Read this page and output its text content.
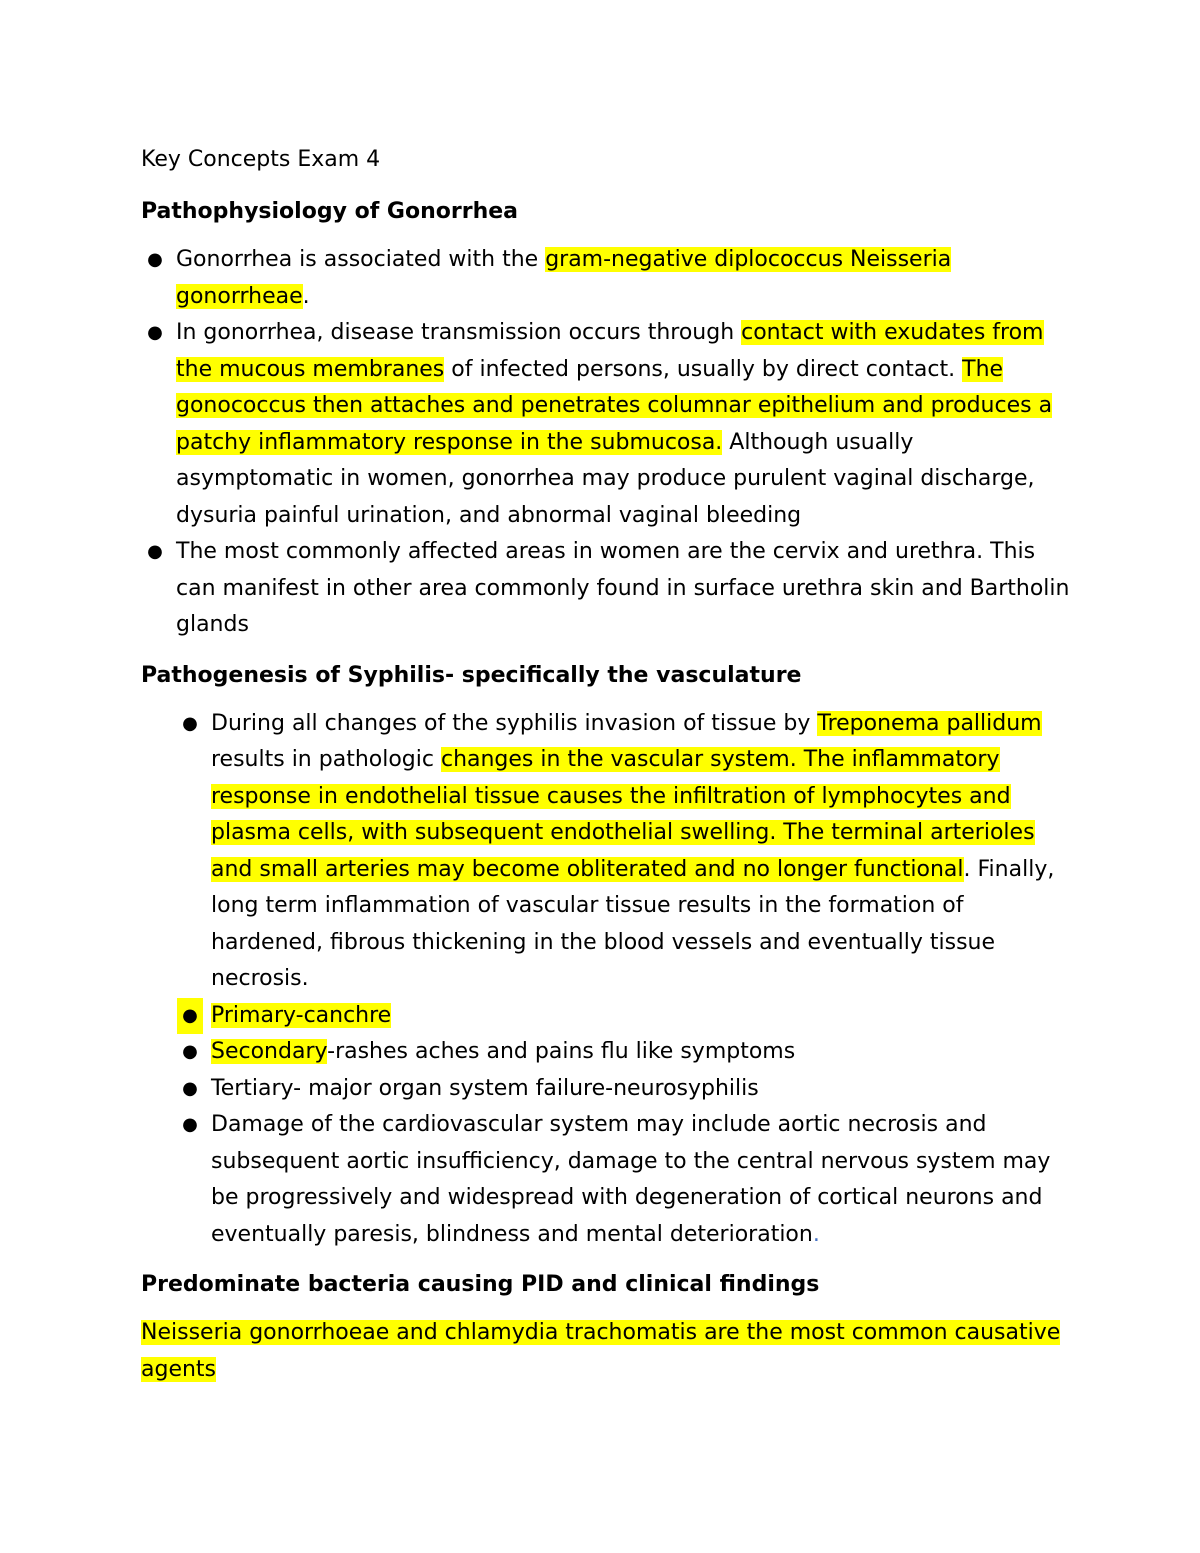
Key Concepts Exam 4
Pathophysiology of Gonorrhea
● Gonorrhea is associated with the gram-negative diplococcus Neisseria gonorrheae.
● In gonorrhea, disease transmission occurs through contact with exudates from the mucous membranes of infected persons, usually by direct contact. The gonococcus then attaches and penetrates columnar epithelium and produces a patchy inflammatory response in the submucosa. Although usually asymptomatic in women, gonorrhea may produce purulent vaginal discharge, dysuria painful urination, and abnormal vaginal bleeding
● The most commonly affected areas in women are the cervix and urethra. This can manifest in other area commonly found in surface urethra skin and Bartholin glands
Pathogenesis of Syphilis- specifically the vasculature
● During all changes of the syphilis invasion of tissue by Treponema pallidum results in pathologic changes in the vascular system. The inflammatory response in endothelial tissue causes the infiltration of lymphocytes and plasma cells, with subsequent endothelial swelling. The terminal arterioles and small arteries may become obliterated and no longer functional. Finally, long term inflammation of vascular tissue results in the formation of hardened, fibrous thickening in the blood vessels and eventually tissue necrosis.
● Primary-canchre
● Secondary-rashes aches and pains flu like symptoms
● Tertiary- major organ system failure-neurosyphilis
● Damage of the cardiovascular system may include aortic necrosis and subsequent aortic insufficiency, damage to the central nervous system may be progressively and widespread with degeneration of cortical neurons and eventually paresis, blindness and mental deterioration.
Predominate bacteria causing PID and clinical findings

Neisseria gonorrhoeae and chlamydia trachomatis are the most common causative agents
